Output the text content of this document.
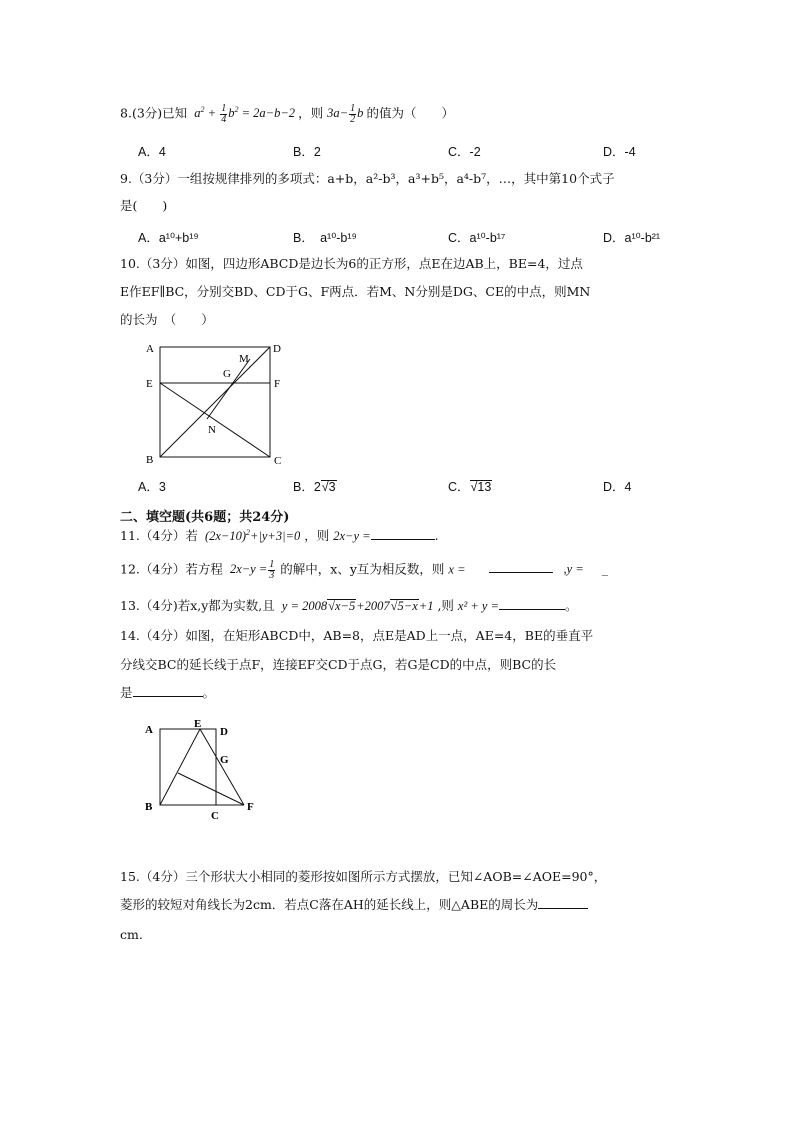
8.(3分)已知 $a^2 + \frac{1}{4} b^2 = 2a-b-2$ ，则 $3a- \frac{1}{2}$ b 的值为（　　）
A．4	B．2	C．-2	D．-4
9.（3分）一组按规律排列的多项式：a+b，a²-b³，a³+b⁵，a⁴-b⁷，…，其中第10个式子
是(　　)
A．a¹⁰+b¹⁹	B．　a¹⁰-b¹⁹	C．a¹⁰-b¹⁷	D．a¹⁰-b²¹
10.（3分）如图，四边形ABCD是边长为6的正方形，点E在边AB上，BE=4，过点
E作EF∥BC，分别交BD、CD于G、F两点．若M、N分别是DG、CE的中点，则MN
的长为　（　　）
A	D
E	F
G
M
N
B	C
A．3	B．2√3	C．√13	D．4
二、填空题(共6题；共24分)
11.（4分）若 $(2x-10)^2+|y+3|=0$ ，则 2x−y =	.
12.（4分）若方程 $2x-y = \frac{1}{3}$ 的解中，x、y互为相反数，则 x =	,y = _
13.（4分)若x,y都为实数,且 y = 2008√x−5+2007√5−x+1 ,则 x² + y =	。
14.（4分）如图，在矩形ABCD中，AB=8，点E是AD上一点，AE=4，BE的垂直平
分线交BC的延长线于点F，连接EF交CD于点G，若G是CD的中点，则BC的长
是	。
A	E
D
G
B
C
F
15.（4分）三个形状大小相同的菱形按如图所示方式摆放，已知∠AOB=∠AOE=90°，
菱形的较短对角线长为2cm．若点C落在AH的延长线上，则△ABE的周长为
cm.
